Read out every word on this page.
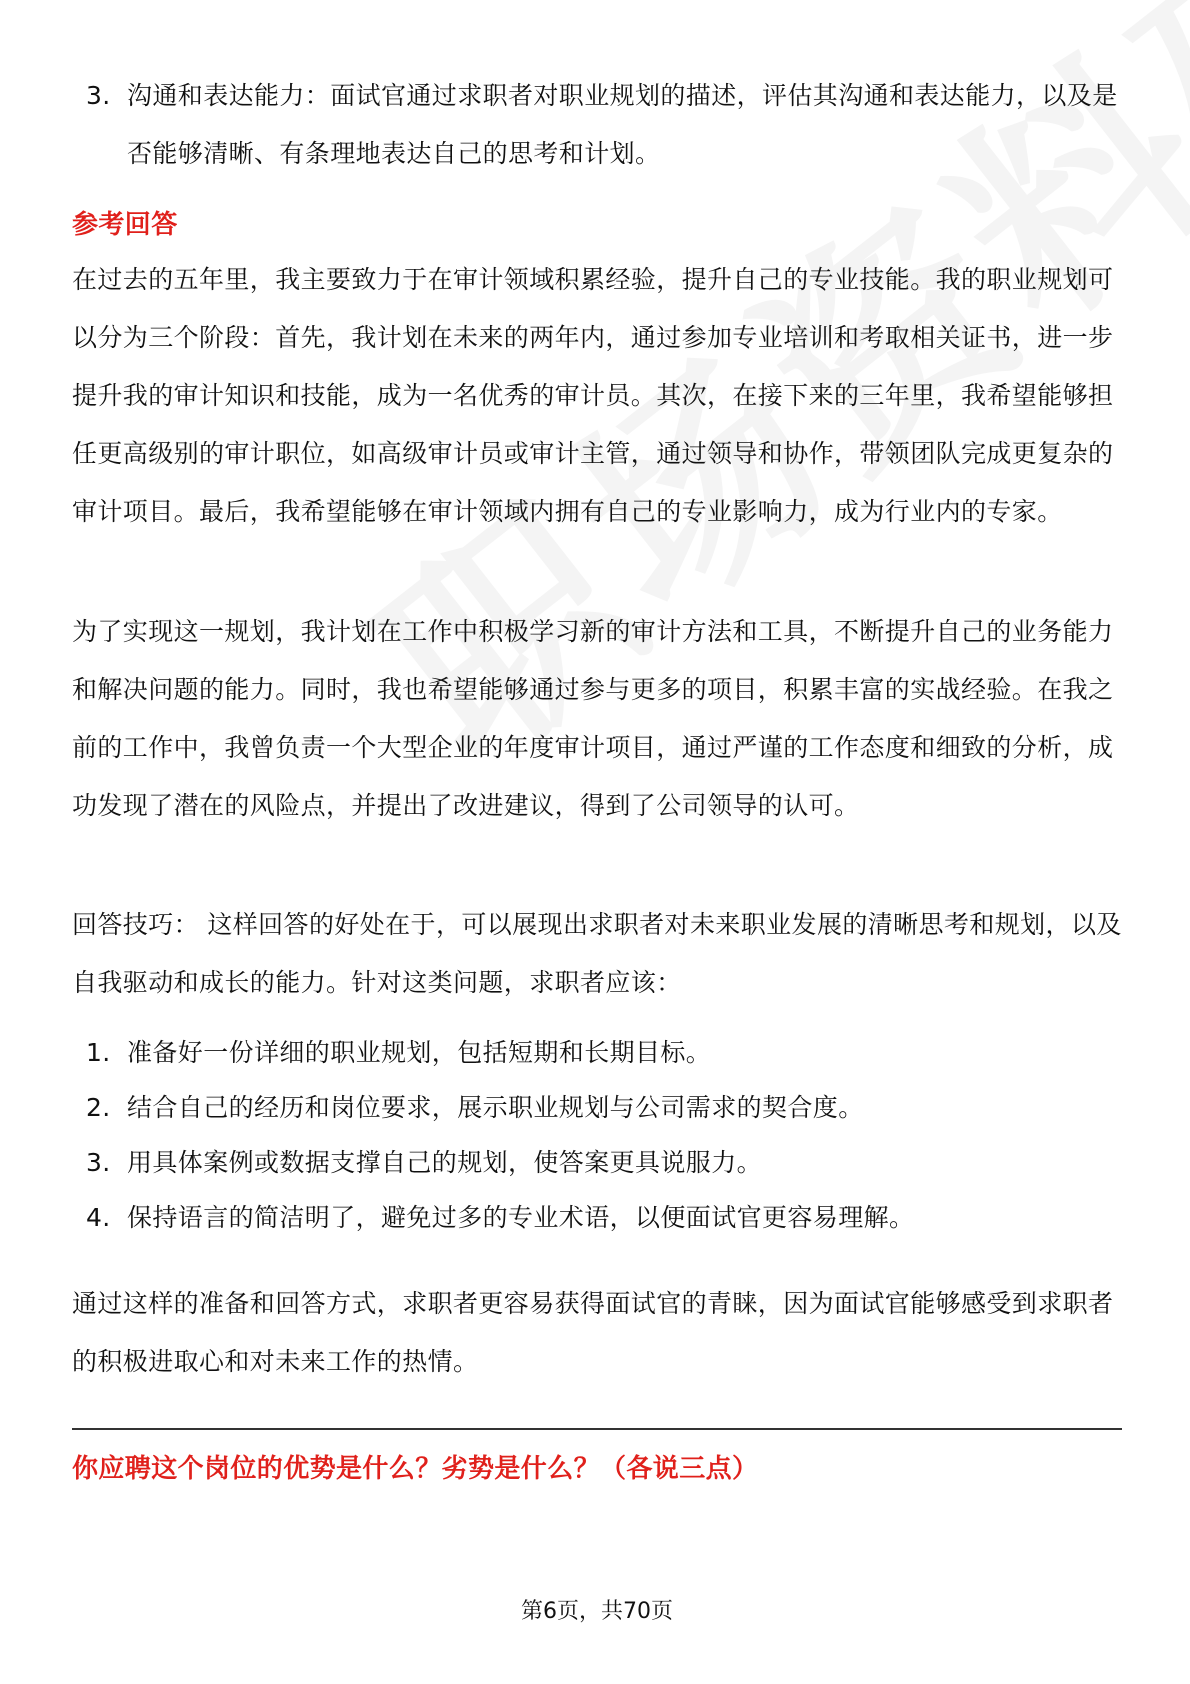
3. 沟通和表达能力：面试官通过求职者对职业规划的描述，评估其沟通和表达能力，以及是否能够清晰、有条理地表达自己的思考和计划。
参考回答
在过去的五年里，我主要致力于在审计领域积累经验，提升自己的专业技能。我的职业规划可以分为三个阶段：首先，我计划在未来的两年内，通过参加专业培训和考取相关证书，进一步提升我的审计知识和技能，成为一名优秀的审计员。其次，在接下来的三年里，我希望能够担任更高级别的审计职位，如高级审计员或审计主管，通过领导和协作，带领团队完成更复杂的审计项目。最后，我希望能够在审计领域内拥有自己的专业影响力，成为行业内的专家。
为了实现这一规划，我计划在工作中积极学习新的审计方法和工具，不断提升自己的业务能力和解决问题的能力。同时，我也希望能够通过参与更多的项目，积累丰富的实战经验。在我之前的工作中，我曾负责一个大型企业的年度审计项目，通过严谨的工作态度和细致的分析，成功发现了潜在的风险点，并提出了改进建议，得到了公司领导的认可。
回答技巧： 这样回答的好处在于，可以展现出求职者对未来职业发展的清晰思考和规划，以及自我驱动和成长的能力。针对这类问题，求职者应该：
1. 准备好一份详细的职业规划，包括短期和长期目标。
2. 结合自己的经历和岗位要求，展示职业规划与公司需求的契合度。
3. 用具体案例或数据支撑自己的规划，使答案更具说服力。
4. 保持语言的简洁明了，避免过多的专业术语，以便面试官更容易理解。
通过这样的准备和回答方式，求职者更容易获得面试官的青睐，因为面试官能够感受到求职者的积极进取心和对未来工作的热情。
你应聘这个岗位的优势是什么？劣势是什么？（各说三点）
第6页，共70页
